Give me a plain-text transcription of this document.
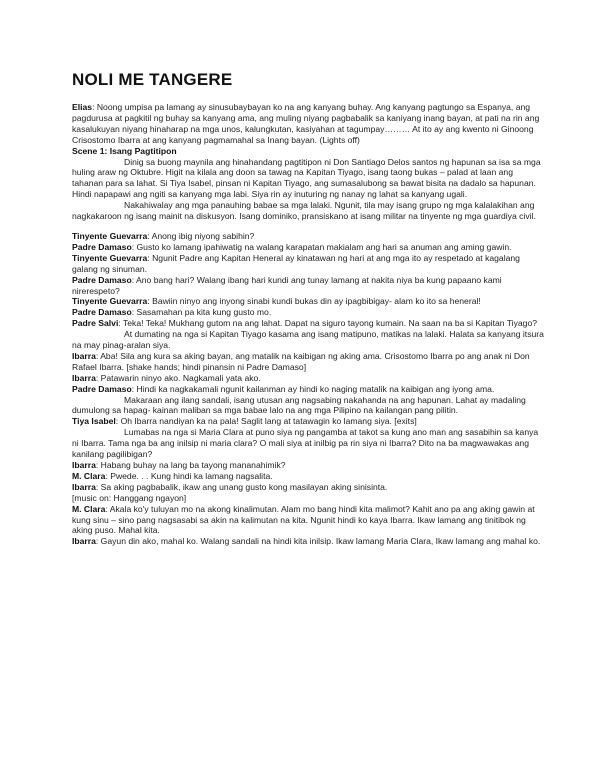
NOLI ME TANGERE

Elias: Noong umpisa pa lamang ay sinusubaybayan ko na ang kanyang buhay. Ang kanyang pagtungo sa Espanya, ang pagdurusa at pagkitil ng buhay sa kanyang ama, ang muling niyang pagbabalik sa kaniyang inang bayan, at pati na rin ang kasalukuyan niyang hinaharap na mga unos, kalungkutan, kasiyahan at tagumpay……… At ito ay ang kwento ni Ginoong Crisostomo Ibarra at ang kanyang pagmamahal sa Inang bayan. (Lights off)

Scene 1: Isang Pagtitipon

Dinig sa buong maynila ang hinahandang pagtitipon ni Don Santiago Delos santos ng hapunan sa isa sa mga huling araw ng Oktubre. Higit na kilala ang doon sa tawag na Kapitan Tiyago, isang taong bukas – palad at laan ang tahanan para sa lahat. Si Tiya Isabel, pinsan ni Kapitan Tiyago, ang sumasalubong sa bawat bisita na dadalo sa hapunan. Hindi napapawi ang ngiti sa kanyang mga labi. Siya rin ay inuturing ng nanay ng lahat sa kanyang ugali.

Nakahiwalay ang mga panauhing babae sa mga lalaki. Ngunit, tila may isang grupo ng mga kalalakihan ang nagkakaroon ng isang mainit na diskusyon. Isang dominiko, pransiskano at isang militar na tinyente ng mga guardiya civil.

Tinyente Guevarra: Anong ibig niyong sabihin?

Padre Damaso: Gusto ko lamang ipahiwatig na walang karapatan makialam ang hari sa anuman ang aming gawin.

Tinyente Guevarra: Ngunit Padre ang Kapitan Heneral ay kinatawan ng hari at ang mga ito ay respetado at kagalang galang ng sinuman.

Padre Damaso: Ano bang hari? Walang ibang hari kundi ang tunay lamang at nakita niya ba kung papaano kami nirerespeto?

Tinyente Guevarra: Bawiin ninyo ang inyong sinabi kundi bukas din ay ipagbibigay- alam ko ito sa heneral!

Padre Damaso: Sasamahan pa kita kung gusto mo.

Padre Salvi: Teka! Teka! Mukhang gutom na ang lahat. Dapat na siguro tayong kumain. Na saan na ba si Kapitan Tiyago?

At dumating na nga si Kapitan Tiyago kasama ang isang matipuno, matikas na lalaki. Halata sa kanyang itsura na may pinag-aralan siya.

Ibarra: Aba! Sila ang kura sa aking bayan, ang matalik na kaibigan ng aking ama. Crisostomo Ibarra po ang anak ni Don Rafael Ibarra. [shake hands; hindi pinansin ni Padre Damaso]

Ibarra: Patawarin ninyo ako. Nagkamali yata ako.

Padre Damaso: Hindi ka nagkakamali ngunit kailanman ay hindi ko naging matalik na kaibigan ang iyong ama.

Makaraan ang ilang sandali, isang utusan ang nagsabing nakahanda na ang hapunan. Lahat ay madaling dumulong sa hapag- kainan maliban sa mga babae lalo na ang mga Pilipino na kailangan pang pilitin.

Tiya Isabel: Oh Ibarra nandiyan ka na pala! Saglit lang at tatawagin ko lamang siya. [exits]

Lumabas na nga si Maria Clara at puno siya ng pangamba at takot sa kung ano man ang sasabihin sa kanya ni Ibarra. Tama nga ba ang inilsip ni maria clara? O mali siya at inilbig pa rin siya ni Ibarra? Dito na ba magwawakas ang kanilang pagilibigan?

Ibarra: Habang buhay na lang ba tayong mananahimik?

M. Clara: Pwede. . . Kung hindi ka lamang nagsalita.

Ibarra: Sa aking pagbabalik, ikaw ang unang gusto kong masilayan aking sinisinta.

[music on: Hanggang ngayon]

M. Clara: Akala ko'y tuluyan mo na akong kinalimutan. Alam mo bang hindi kita malimot? Kahit ano pa ang aking gawin at kung sinu – sino pang nagsasabi sa akin na kalimutan na kita. Ngunit hindi ko kaya Ibarra. Ikaw lamang ang tinitibok ng aking puso. Mahal kita.

Ibarra: Gayun din ako, mahal ko. Walang sandali na hindi kita inilsip. Ikaw lamang Maria Clara, Ikaw lamang ang mahal ko.
